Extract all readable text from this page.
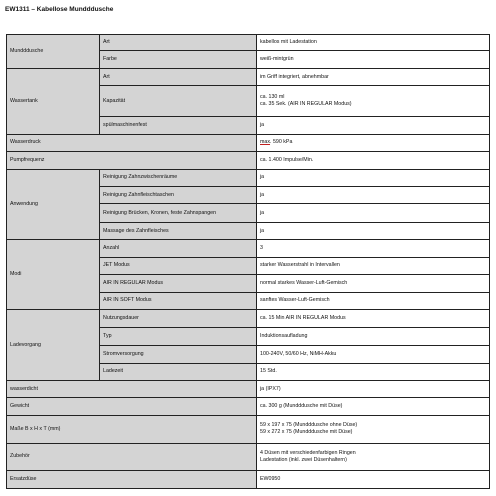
EW1311 – Kabellose Mundddusche
Mundddusche	Art	kabellos mit Ladestation
	Farbe	weiß-mintgrün
Wassertank	Art	im Griff integriert, abnehmbar
	Kapazität	ca. 130 ml
ca. 35 Sek. (AIR IN REGULAR Modus)

	spülmaschinenfest	ja
Wasserdruck		max. 590 kPa
Pumpfrequenz		ca. 1.400 Impulse/Min.
Anwendung	Reinigung Zahnzwischenräume	ja
	Reinigung Zahnfleischtaschen	ja
	Reinigung Brücken, Kronen, feste Zahnspangen	ja
	Massage des Zahnfleisches	ja
Modi	Anzahl	3
	JET Modus	starker Wasserstrahl in Intervallen
	AIR IN REGULAR Modus	normal starkes Wasser-Luft-Gemisch
	AIR IN SOFT Modus	sanftes Wasser-Luft-Gemisch
Ladevorgang	Nutzungsdauer	ca. 15 Min AIR IN REGULAR Modus
	Typ	Induktionsaufladung
	Stromversorgung	100-240V, 50/60 Hz, NiMH-Akku
	Ladezeit	15 Std.
wasserdicht		ja (IPX7)
Gewicht		ca. 300 g (Mundddusche mit Düse)
Maße B x H x T (mm)		59 x 197 x 75 (Mundddusche ohne Düse)
59 x 272 x 75 (Mundddusche mit Düse)

Zubehör		4 Düsen mit verschiedenfarbigen Ringen
Ladestation (inkl. zwei Düsenhaltern)

Ersatzdüse		EW0950
